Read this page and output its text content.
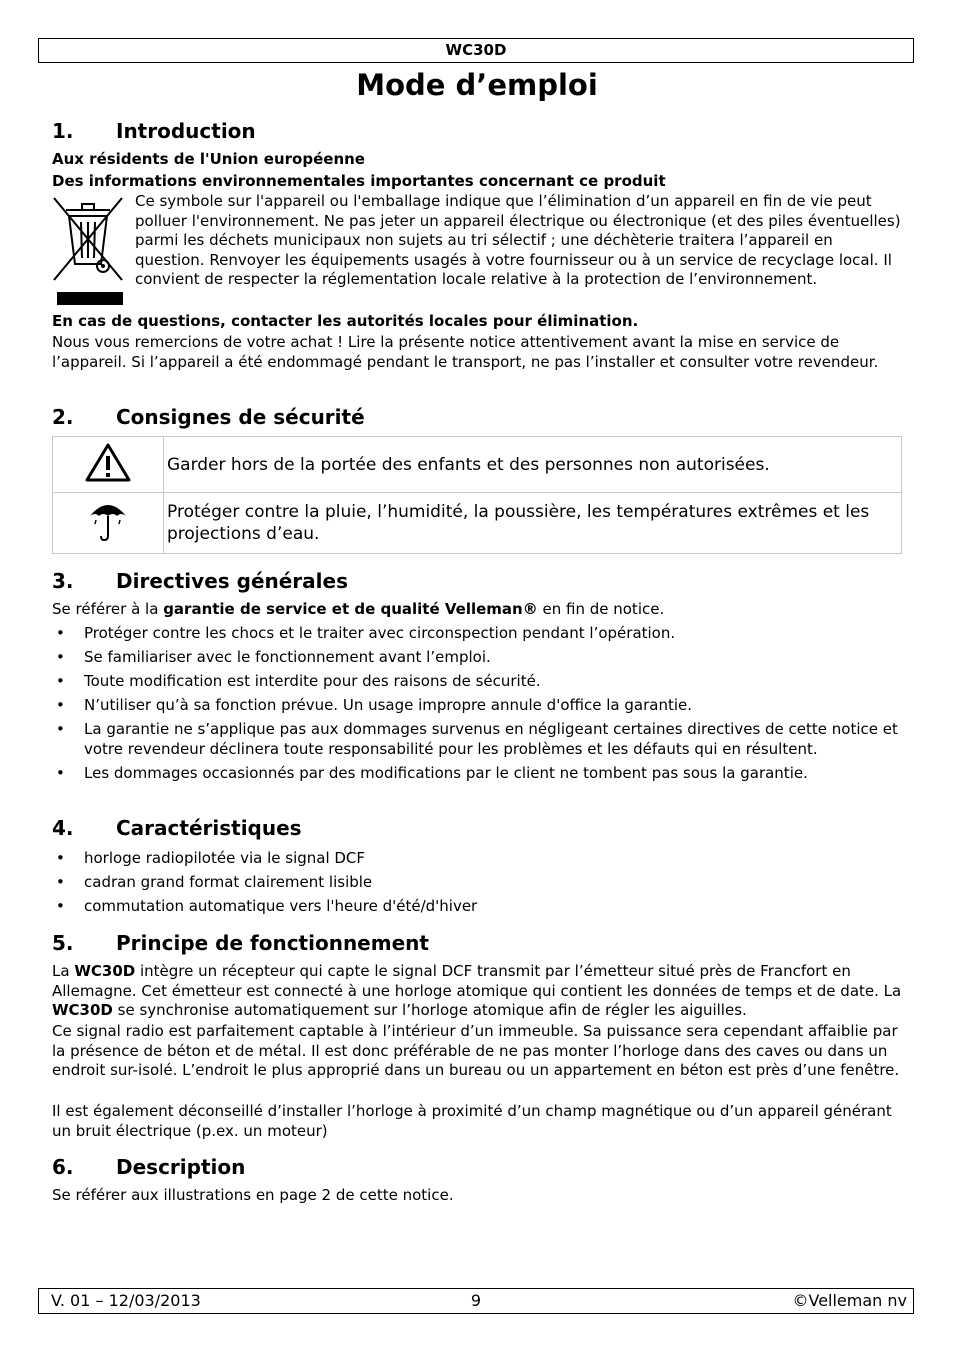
WC30D
Mode d’emploi
1. Introduction

Aux résidents de l'Union européenne

Des informations environnementales importantes concernant ce produit

Ce symbole sur l'appareil ou l'emballage indique que l’élimination d’un appareil en fin de vie peut polluer l'environnement. Ne pas jeter un appareil électrique ou électronique (et des piles éventuelles) parmi les déchets municipaux non sujets au tri sélectif ; une déchèterie traitera l’appareil en question. Renvoyer les équipements usagés à votre fournisseur ou à un service de recyclage local. Il convient de respecter la réglementation locale relative à la protection de l’environnement.

En cas de questions, contacter les autorités locales pour élimination.

Nous vous remercions de votre achat ! Lire la présente notice attentivement avant la mise en service de l’appareil. Si l’appareil a été endommagé pendant le transport, ne pas l’installer et consulter votre revendeur.

2. Consignes de sécurité
	Garder hors de la portée des enfants et des personnes non autorisées.
	Protéger contre la pluie, l’humidité, la poussière, les températures extrêmes et les projections d’eau.
3. Directives générales

Se référer à la garantie de service et de qualité Velleman® en fin de notice.

• Protéger contre les chocs et le traiter avec circonspection pendant l’opération.
• Se familiariser avec le fonctionnement avant l’emploi.
• Toute modification est interdite pour des raisons de sécurité.
• N’utiliser qu’à sa fonction prévue. Un usage impropre annule d'office la garantie.
• La garantie ne s’applique pas aux dommages survenus en négligeant certaines directives de cette notice et votre revendeur déclinera toute responsabilité pour les problèmes et les défauts qui en résultent.
• Les dommages occasionnés par des modifications par le client ne tombent pas sous la garantie.
4. Caractéristiques
• horloge radiopilotée via le signal DCF
• cadran grand format clairement lisible
• commutation automatique vers l'heure d'été/d'hiver
5. Principe de fonctionnement

La WC30D intègre un récepteur qui capte le signal DCF transmit par l’émetteur situé près de Francfort en Allemagne. Cet émetteur est connecté à une horloge atomique qui contient les données de temps et de date. La WC30D se synchronise automatiquement sur l’horloge atomique afin de régler les aiguilles.

Ce signal radio est parfaitement captable à l’intérieur d’un immeuble. Sa puissance sera cependant affaiblie par la présence de béton et de métal. Il est donc préférable de ne pas monter l’horloge dans des caves ou dans un endroit sur-isolé. L’endroit le plus approprié dans un bureau ou un appartement en béton est près d’une fenêtre.

Il est également déconseillé d’installer l’horloge à proximité d’un champ magnétique ou d’un appareil générant un bruit électrique (p.ex. un moteur)

6. Description

Se référer aux illustrations en page 2 de cette notice.

V. 01 – 12/03/2013	9	©Velleman nv
